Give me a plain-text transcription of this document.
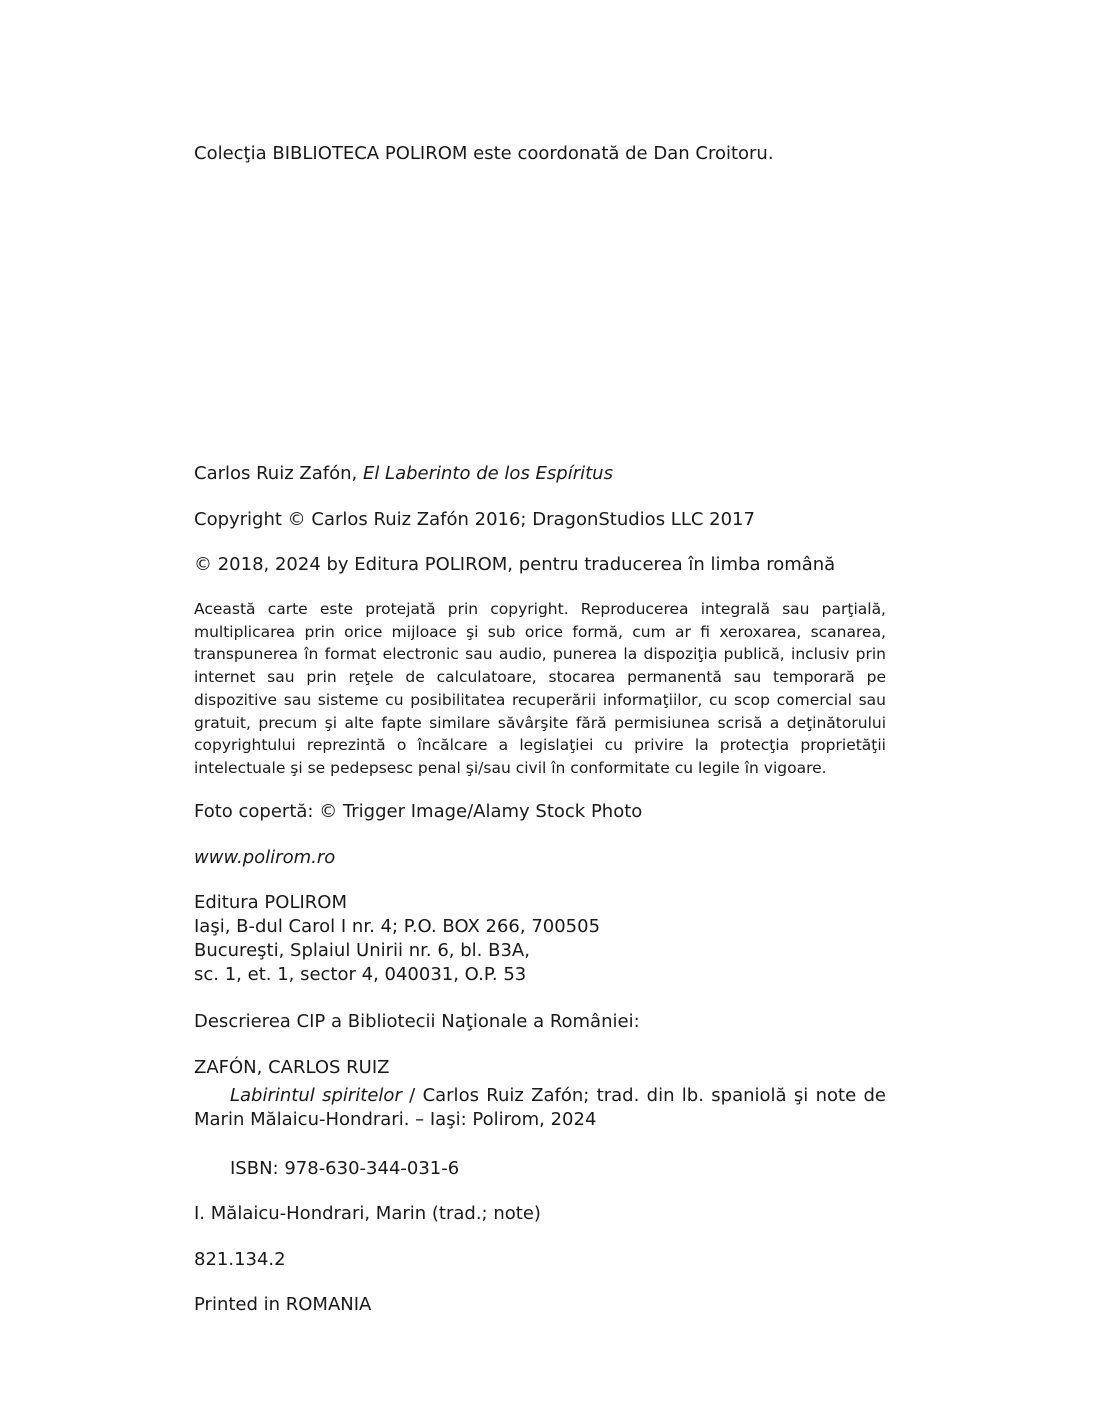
Colecţia BIBLIOTECA POLIROM este coordonată de Dan Croitoru.
Carlos Ruiz Zafón, El Laberinto de los Espíritus
Copyright © Carlos Ruiz Zafón 2016; DragonStudios LLC 2017
© 2018, 2024 by Editura POLIROM, pentru traducerea în limba română
Această carte este protejată prin copyright. Reproducerea integrală sau parţială, multiplicarea prin orice mijloace şi sub orice formă, cum ar fi xeroxarea, scanarea, transpunerea în format electronic sau audio, punerea la dispoziţia publică, inclusiv prin internet sau prin reţele de calculatoare, stocarea permanentă sau temporară pe dispozitive sau sisteme cu posibilitatea recuperării informaţiilor, cu scop comercial sau gratuit, precum şi alte fapte similare săvârşite fără permisiunea scrisă a deţinătorului copyrightului reprezintă o încălcare a legislaţiei cu privire la protecţia proprietăţii intelectuale şi se pedepsesc penal şi/sau civil în conformitate cu legile în vigoare.
Foto copertă: © Trigger Image/Alamy Stock Photo
www.polirom.ro
Editura POLIROM
Iaşi, B-dul Carol I nr. 4; P.O. BOX 266, 700505
Bucureşti, Splaiul Unirii nr. 6, bl. B3A,
sc. 1, et. 1, sector 4, 040031, O.P. 53
Descrierea CIP a Bibliotecii Naţionale a României:
ZAFÓN, CARLOS RUIZ
Labirintul spiritelor / Carlos Ruiz Zafón; trad. din lb. spaniolă şi note de Marin Mălaicu-Hondrari. – Iaşi: Polirom, 2024
ISBN: 978-630-344-031-6
I. Mălaicu-Hondrari, Marin (trad.; note)
821.134.2
Printed in ROMANIA
